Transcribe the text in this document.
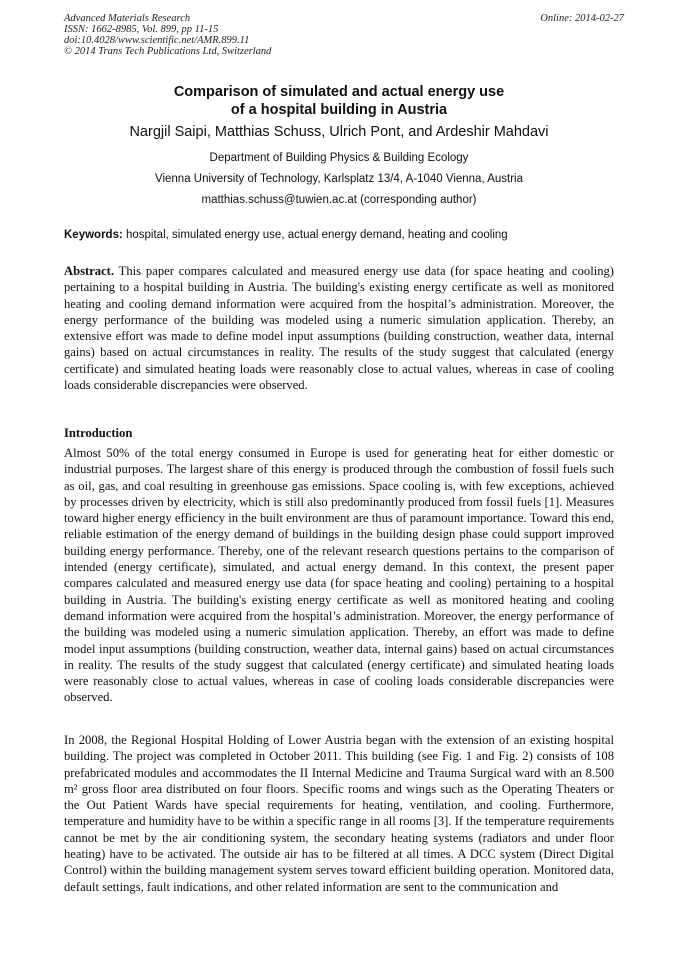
Advanced Materials Research
ISSN: 1662-8985, Vol. 899, pp 11-15
doi:10.4028/www.scientific.net/AMR.899.11
© 2014 Trans Tech Publications Ltd, Switzerland
Online: 2014-02-27
Comparison of simulated and actual energy use
of a hospital building in Austria
Nargjil Saipi, Matthias Schuss, Ulrich Pont, and Ardeshir Mahdavi
Department of Building Physics & Building Ecology
Vienna University of Technology, Karlsplatz 13/4, A-1040 Vienna, Austria
matthias.schuss@tuwien.ac.at (corresponding author)
Keywords: hospital, simulated energy use, actual energy demand, heating and cooling
Abstract. This paper compares calculated and measured energy use data (for space heating and cooling) pertaining to a hospital building in Austria. The building's existing energy certificate as well as monitored heating and cooling demand information were acquired from the hospital’s administration. Moreover, the energy performance of the building was modeled using a numeric simulation application. Thereby, an extensive effort was made to define model input assumptions (building construction, weather data, internal gains) based on actual circumstances in reality. The results of the study suggest that calculated (energy certificate) and simulated heating loads were reasonably close to actual values, whereas in case of cooling loads considerable discrepancies were observed.
Introduction
Almost 50% of the total energy consumed in Europe is used for generating heat for either domestic or industrial purposes. The largest share of this energy is produced through the combustion of fossil fuels such as oil, gas, and coal resulting in greenhouse gas emissions. Space cooling is, with few exceptions, achieved by processes driven by electricity, which is still also predominantly produced from fossil fuels [1]. Measures toward higher energy efficiency in the built environment are thus of paramount importance. Toward this end, reliable estimation of the energy demand of buildings in the building design phase could support improved building energy performance. Thereby, one of the relevant research questions pertains to the comparison of intended (energy certificate), simulated, and actual energy demand. In this context, the present paper compares calculated and measured energy use data (for space heating and cooling) pertaining to a hospital building in Austria. The building's existing energy certificate as well as monitored heating and cooling demand information were acquired from the hospital’s administration. Moreover, the energy performance of the building was modeled using a numeric simulation application. Thereby, an effort was made to define model input assumptions (building construction, weather data, internal gains) based on actual circumstances in reality. The results of the study suggest that calculated (energy certificate) and simulated heating loads were reasonably close to actual values, whereas in case of cooling loads considerable discrepancies were observed.
In 2008, the Regional Hospital Holding of Lower Austria began with the extension of an existing hospital building. The project was completed in October 2011. This building (see Fig. 1 and Fig. 2) consists of 108 prefabricated modules and accommodates the II Internal Medicine and Trauma Surgical ward with an 8.500 m² gross floor area distributed on four floors. Specific rooms and wings such as the Operating Theaters or the Out Patient Wards have special requirements for heating, ventilation, and cooling. Furthermore, temperature and humidity have to be within a specific range in all rooms [3]. If the temperature requirements cannot be met by the air conditioning system, the secondary heating systems (radiators and under floor heating) have to be activated. The outside air has to be filtered at all times. A DCC system (Direct Digital Control) within the building management system serves toward efficient building operation. Monitored data, default settings, fault indications, and other related information are sent to the communication and
